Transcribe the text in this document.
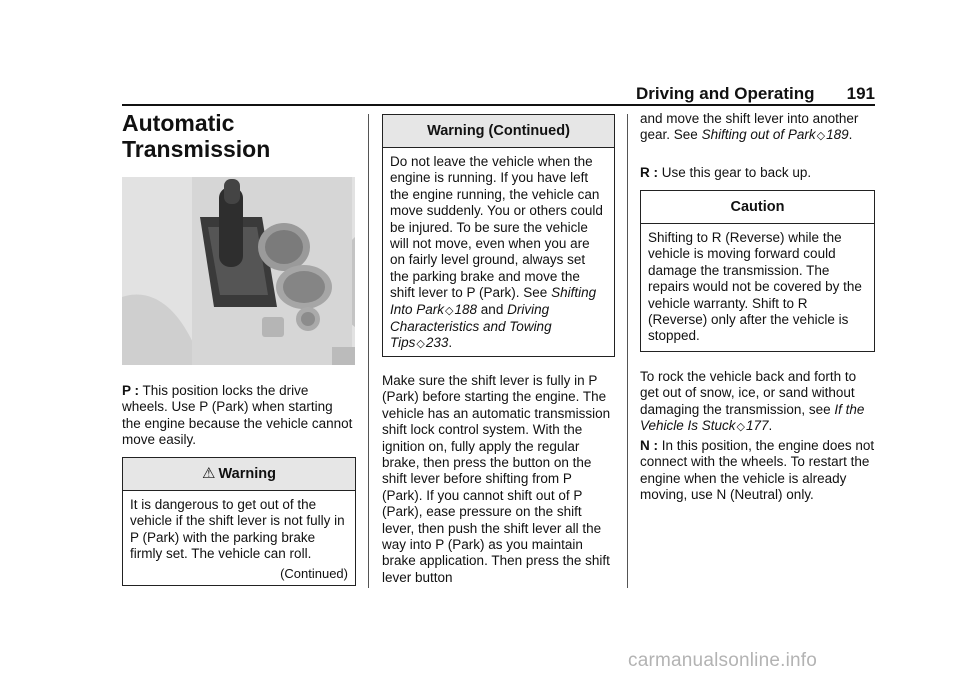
Driving and Operating 191
Automatic
Transmission

P : This position locks the drive wheels. Use P (Park) when starting the engine because the vehicle cannot move easily.

⚠ Warning
It is dangerous to get out of the vehicle if the shift lever is not fully in P (Park) with the parking brake firmly set. The vehicle can roll.
(Continued)
Warning (Continued)
Do not leave the vehicle when the engine is running. If you have left the engine running, the vehicle can move suddenly. You or others could be injured. To be sure the vehicle will not move, even when you are on fairly level ground, always set the parking brake and move the shift lever to P (Park). See Shifting Into Park◇188 and Driving Characteristics and Towing Tips◇233.

Make sure the shift lever is fully in P (Park) before starting the engine. The vehicle has an automatic transmission shift lock control system. With the ignition on, fully apply the regular brake, then press the button on the shift lever before shifting from P (Park). If you cannot shift out of P (Park), ease pressure on the shift lever, then push the shift lever all the way into P (Park) as you maintain brake application. Then press the shift lever button

and move the shift lever into another gear. See Shifting out of Park◇189.

R : Use this gear to back up.

Caution
Shifting to R (Reverse) while the vehicle is moving forward could damage the transmission. The repairs would not be covered by the vehicle warranty. Shift to R (Reverse) only after the vehicle is stopped.

To rock the vehicle back and forth to get out of snow, ice, or sand without damaging the transmission, see If the Vehicle Is Stuck◇177.

N : In this position, the engine does not connect with the wheels. To restart the engine when the vehicle is already moving, use N (Neutral) only.

carmanualsonline.info
